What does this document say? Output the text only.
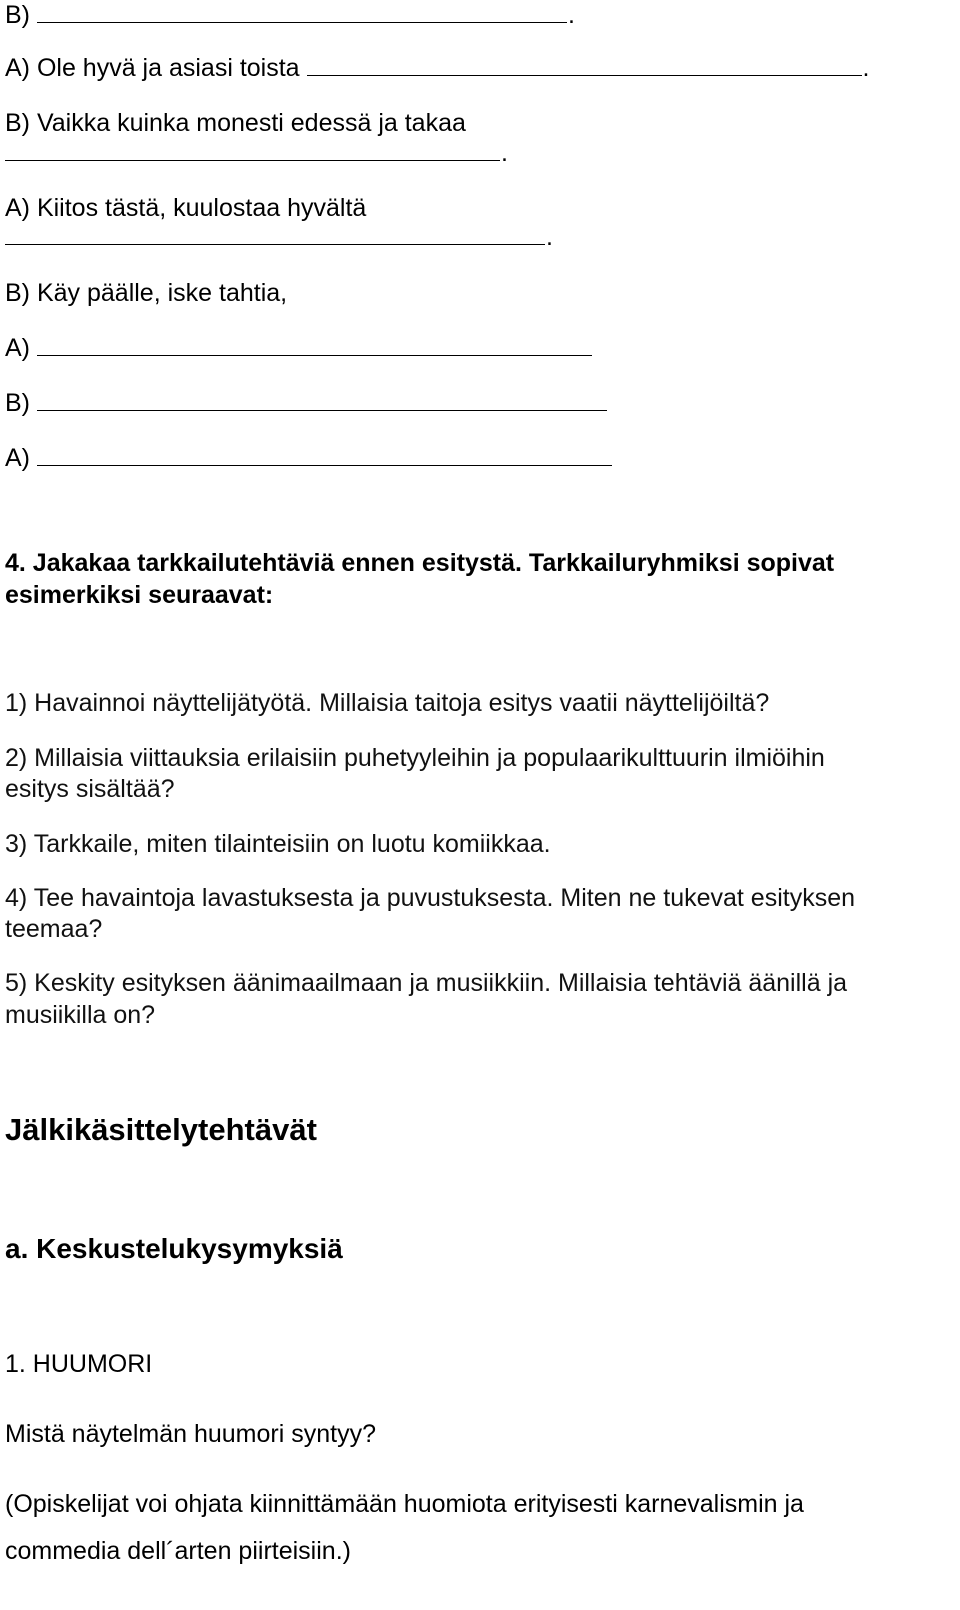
B)	.

A) Ole hyvä ja asiasi toista	.

B) Vaikka kuinka monesti edessä ja takaa

.

A) Kiitos tästä, kuulostaa hyvältä

.

B) Käy päälle, iske tahtia,

A)

B)

A)

4. Jakakaa tarkkailutehtäviä ennen esitystä. Tarkkailuryhmiksi sopivat

esimerkiksi seuraavat:

1) Havainnoi näyttelijätyötä. Millaisia taitoja esitys vaatii näyttelijöiltä?

2) Millaisia viittauksia erilaisiin puhetyyleihin ja populaarikulttuurin ilmiöihin

esitys sisältää?

3) Tarkkaile, miten tilainteisiin on luotu komiikkaa.

4) Tee havaintoja lavastuksesta ja puvustuksesta. Miten ne tukevat esityksen

teemaa?

5) Keskity esityksen äänimaailmaan ja musiikkiin. Millaisia tehtäviä äänillä ja

musiikilla on?

Jälkikäsittelytehtävät

a. Keskustelukysymyksiä

1. HUUMORI

Mistä näytelmän huumori syntyy?

(Opiskelijat voi ohjata kiinnittämään huomiota erityisesti karnevalismin ja

commedia dell´arten piirteisiin.)
